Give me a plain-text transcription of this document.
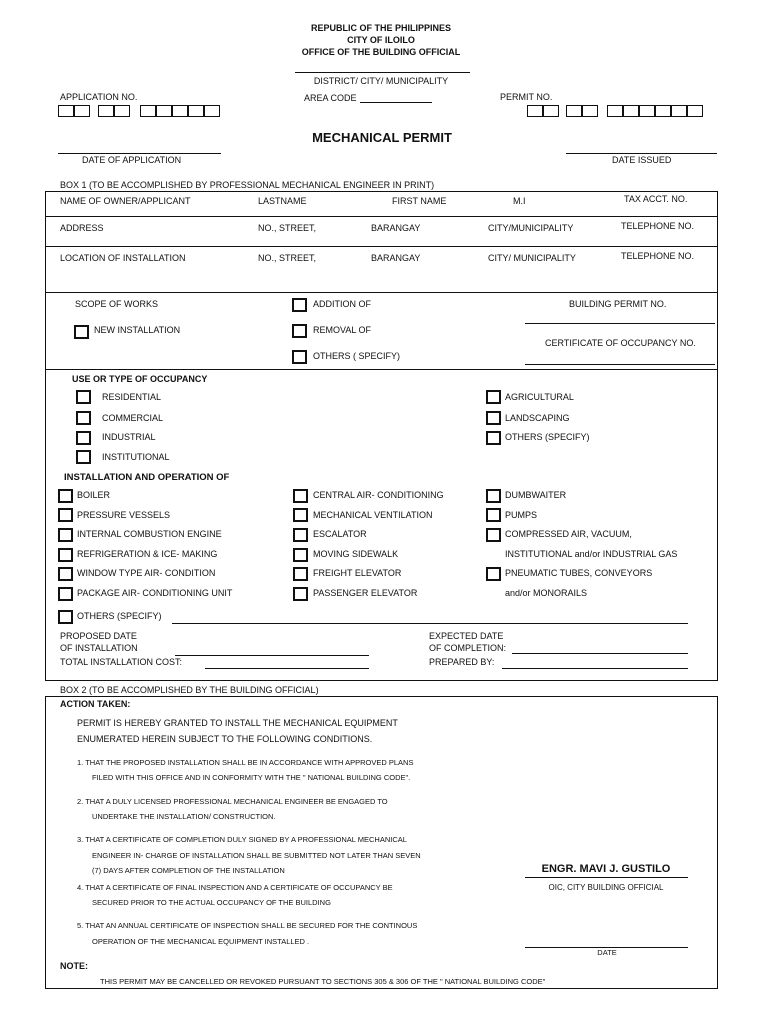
REPUBLIC OF THE PHILIPPINES
CITY OF ILOILO
OFFICE OF THE BUILDING OFFICIAL
DISTRICT/ CITY/ MUNICIPALITY
AREA CODE
APPLICATION NO.	PERMIT NO.
MECHANICAL PERMIT
DATE OF APPLICATION	DATE ISSUED
BOX 1 (TO BE ACCOMPLISHED BY PROFESSIONAL MECHANICAL ENGINEER IN PRINT)
NAME OF OWNER/APPLICANT	LASTNAME	FIRST NAME	M.I	TAX ACCT. NO.
ADDRESS	NO., STREET,	BARANGAY	CITY/MUNICIPALITY	TELEPHONE NO.
LOCATION OF INSTALLATION	NO., STREET,	BARANGAY	CITY/ MUNICIPALITY	TELEPHONE NO.
SCOPE OF WORKS
NEW INSTALLATION
ADDITION OF
REMOVAL OF
OTHERS ( SPECIFY)
BUILDING PERMIT NO.
CERTIFICATE OF OCCUPANCY NO.
USE OR TYPE OF OCCUPANCY
RESIDENTIAL
COMMERCIAL
INDUSTRIAL
INSTITUTIONAL
AGRICULTURAL
LANDSCAPING
OTHERS (SPECIFY)
INSTALLATION AND OPERATION OF
BOILER
PRESSURE VESSELS
INTERNAL COMBUSTION ENGINE
REFRIGERATION & ICE- MAKING
WINDOW TYPE AIR- CONDITION
PACKAGE AIR- CONDITIONING UNIT
OTHERS (SPECIFY)
CENTRAL AIR- CONDITIONING
MECHANICAL VENTILATION
ESCALATOR
MOVING SIDEWALK
FREIGHT ELEVATOR
PASSENGER ELEVATOR
DUMBWAITER
PUMPS
COMPRESSED AIR, VACUUM,
INSTITUTIONAL and/or INDUSTRIAL GAS
PNEUMATIC TUBES, CONVEYORS
and/or MONORAILS
PROPOSED DATE
OF INSTALLATION
TOTAL INSTALLATION COST:
EXPECTED DATE
OF COMPLETION:
PREPARED BY:
BOX 2 (TO BE ACCOMPLISHED BY THE BUILDING OFFICIAL)
ACTION TAKEN:
PERMIT IS HEREBY GRANTED TO INSTALL THE MECHANICAL EQUIPMENT
ENUMERATED HEREIN SUBJECT TO THE FOLLOWING CONDITIONS.
1. THAT THE PROPOSED INSTALLATION SHALL BE IN ACCORDANCE WITH APPROVED PLANS
FILED WITH THIS OFFICE AND IN CONFORMITY WITH THE " NATIONAL BUILDING CODE".
2. THAT A DULY LICENSED PROFESSIONAL MECHANICAL ENGINEER BE ENGAGED TO
UNDERTAKE THE INSTALLATION/ CONSTRUCTION.
3. THAT A CERTIFICATE OF COMPLETION DULY SIGNED BY A PROFESSIONAL MECHANICAL
ENGINEER IN- CHARGE OF INSTALLATION SHALL BE SUBMITTED NOT LATER THAN SEVEN
(7) DAYS AFTER COMPLETION OF THE INSTALLATION
4. THAT A CERTIFICATE OF FINAL INSPECTION AND A CERTIFICATE OF OCCUPANCY BE
SECURED PRIOR TO THE ACTUAL OCCUPANCY OF THE BUILDING
5. THAT AN ANNUAL CERTIFICATE OF INSPECTION SHALL BE SECURED FOR THE CONTINOUS
OPERATION OF THE MECHANICAL EQUIPMENT INSTALLED .
ENGR. MAVI J. GUSTILO
OIC, CITY BUILDING OFFICIAL
DATE
NOTE:
THIS PERMIT MAY BE CANCELLED OR REVOKED PURSUANT TO SECTIONS 305 & 306 OF THE " NATIONAL BUILDING CODE"
